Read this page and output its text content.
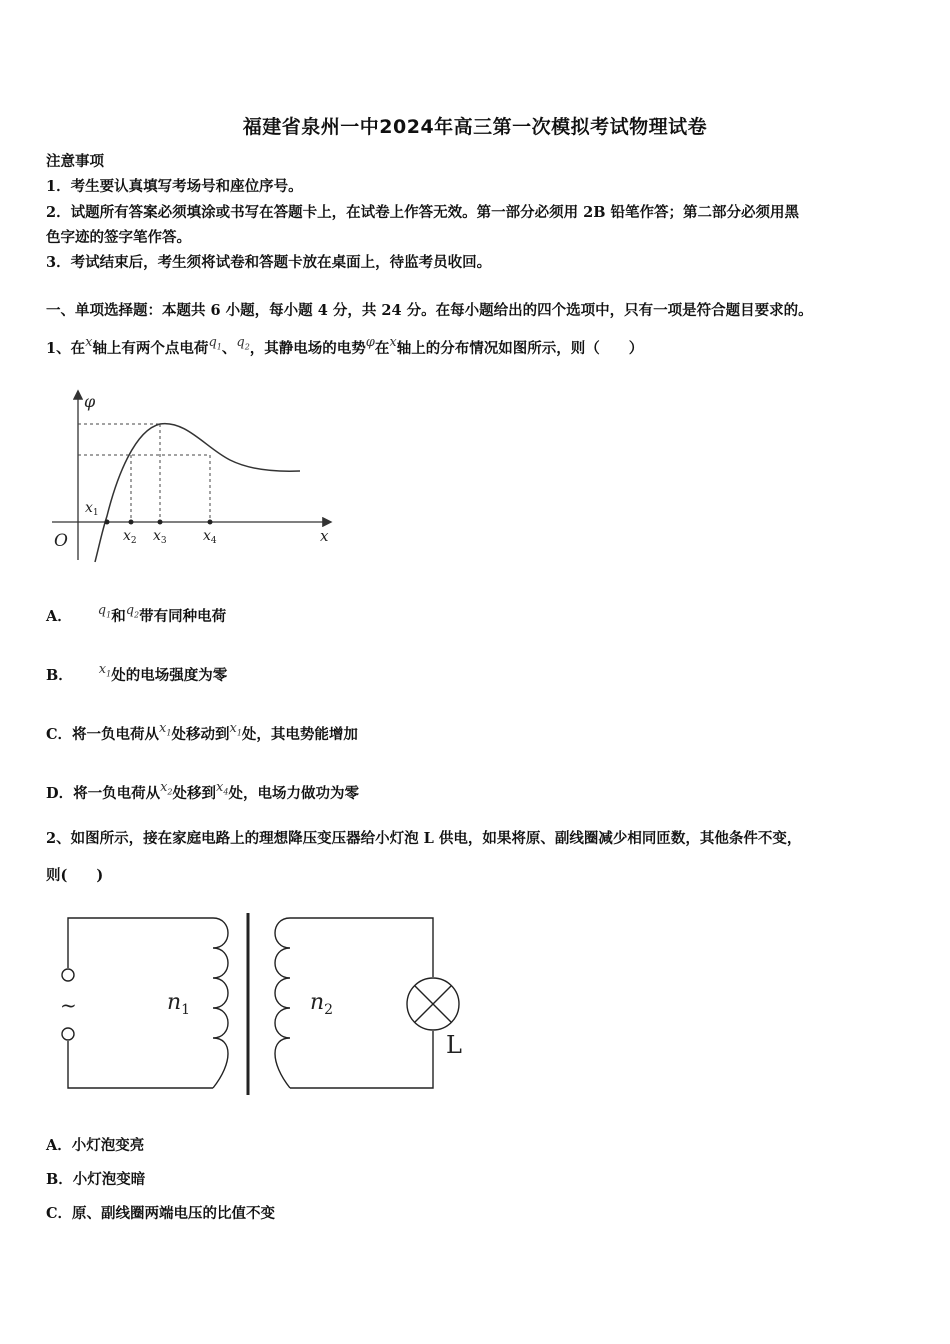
福建省泉州一中2024年高三第一次模拟考试物理试卷
注意事项
1．考生要认真填写考场号和座位序号。
2．试题所有答案必须填涂或书写在答题卡上，在试卷上作答无效。第一部分必须用 2B 铅笔作答；第二部分必须用黑
色字迹的签字笔作答。
3．考试结束后，考生须将试卷和答题卡放在桌面上，待监考员收回。
一、单项选择题：本题共 6 小题，每小题 4 分，共 24 分。在每小题给出的四个选项中，只有一项是符合题目要求的。
1、在x轴上有两个点电荷$q_1$、$q_2$，其静电场的电势φ在x轴上的分布情况如图所示，则（　　）
φ
O	x
$x_1$
$x_2$ $x_3$	$x_4$
A． $q_1$和$q_2$带有同种电荷
B． $x_1$处的电场强度为零
C．将一负电荷从$x_1$处移动到$x_1$处，其电势能增加
D．将一负电荷从$x_2$处移到$x_4$处，电场力做功为零
2、如图所示，接在家庭电路上的理想降压变压器给小灯泡 L 供电，如果将原、副线圈减少相同匝数，其他条件不变，
则(　　)
~	$n_1$	$n_2$
L
A．小灯泡变亮
B．小灯泡变暗
C．原、副线圈两端电压的比值不变
